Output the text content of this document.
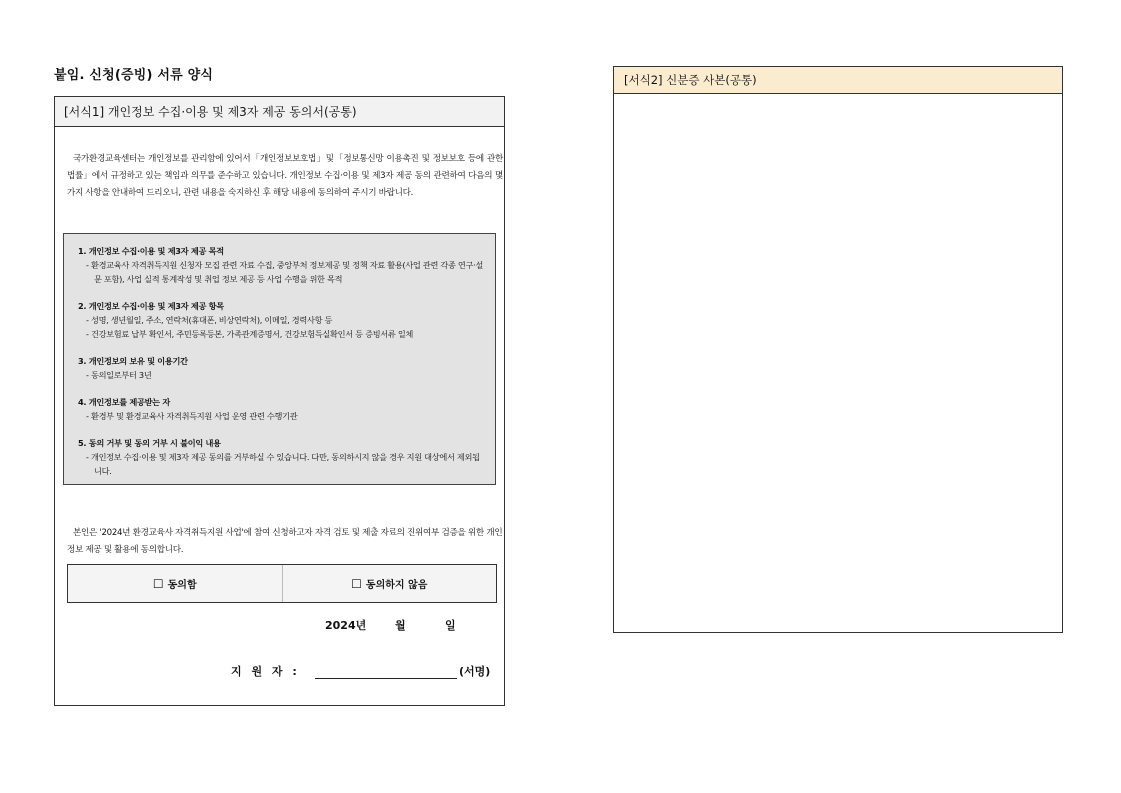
붙임. 신청(증빙) 서류 양식
[서식1] 개인정보 수집·이용 및 제3자 제공 동의서(공통)

국가환경교육센터는 개인정보를 관리함에 있어서「개인정보보호법」및「정보통신망 이용촉진 및 정보보호 등에 관한 법률」에서 규정하고 있는 책임과 의무를 준수하고 있습니다. 개인정보 수집·이용 및 제3자 제공 동의 관련하여 다음의 몇 가지 사항을 안내하여 드리오니, 관련 내용을 숙지하신 후 해당 내용에 동의하여 주시기 바랍니다.

1. 개인정보 수집·이용 및 제3자 제공 목적
- 환경교육사 자격취득지원 신청자 모집 관련 자료 수집, 중앙부처 정보제공 및 정책 자료 활용(사업 관련 각종 연구·설문 포함), 사업 실적 통계작성 및 취업 정보 제공 등 사업 수행을 위한 목적
2. 개인정보 수집·이용 및 제3자 제공 항목
- 성명, 생년월일, 주소, 연락처(휴대폰, 비상연락처), 이메일, 경력사항 등
- 건강보험료 납부 확인서, 주민등록등본, 가족관계증명서, 건강보험득실확인서 등 증빙서류 일체
3. 개인정보의 보유 및 이용기간
- 동의일로부터 3년
4. 개인정보를 제공받는 자
- 환경부 및 환경교육사 자격취득지원 사업 운영 관련 수행기관
5. 동의 거부 및 동의 거부 시 불이익 내용
- 개인정보 수집·이용 및 제3자 제공 동의를 거부하실 수 있습니다. 다만, 동의하시지 않을 경우 지원 대상에서 제외됩니다.

본인은 '2024년 환경교육사 자격취득지원 사업'에 참여 신청하고자 자격 검토 및 제출 자료의 진위여부 검증을 위한 개인정보 제공 및 활용에 동의합니다.

☐ 동의함	☐ 동의하지 않음
2024년	월	일
지 원 자 :	(서명)
[서식2] 신분증 사본(공통)
